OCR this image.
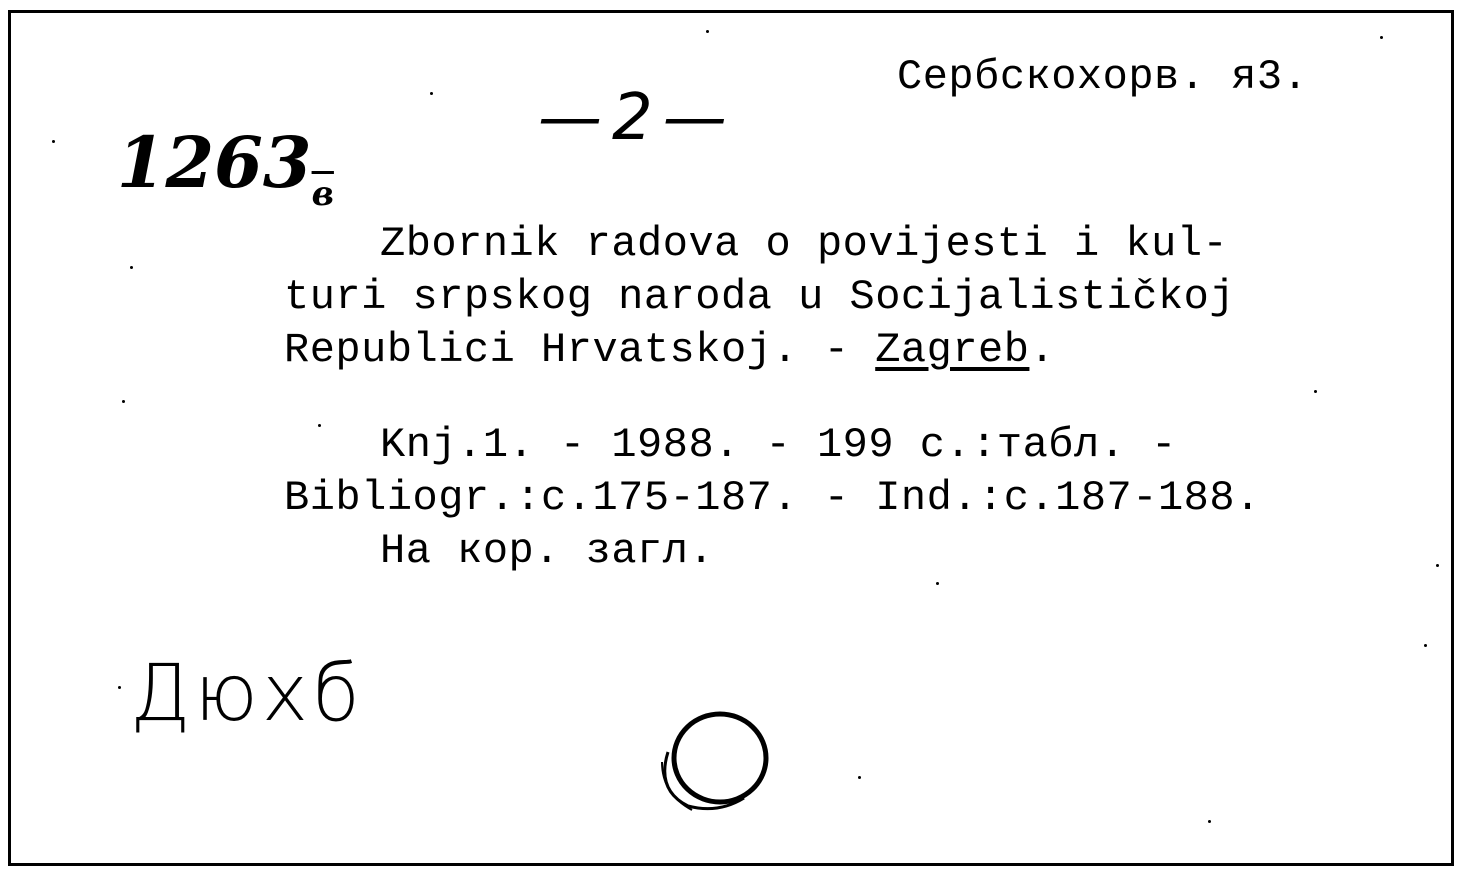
$1263_в$

—2—
Сербскохорв. я3.
Zbornik radova o povijesti i kul-
turi srpskog naroda u Socijalističkoj
Republici Hrvatskoj. - Zagreb.
Knj.1. - 1988. - 199 с.:табл. -
Bibliogr.:c.175-187. - Ind.:c.187-188.
На кор. загл.
Дюхб
